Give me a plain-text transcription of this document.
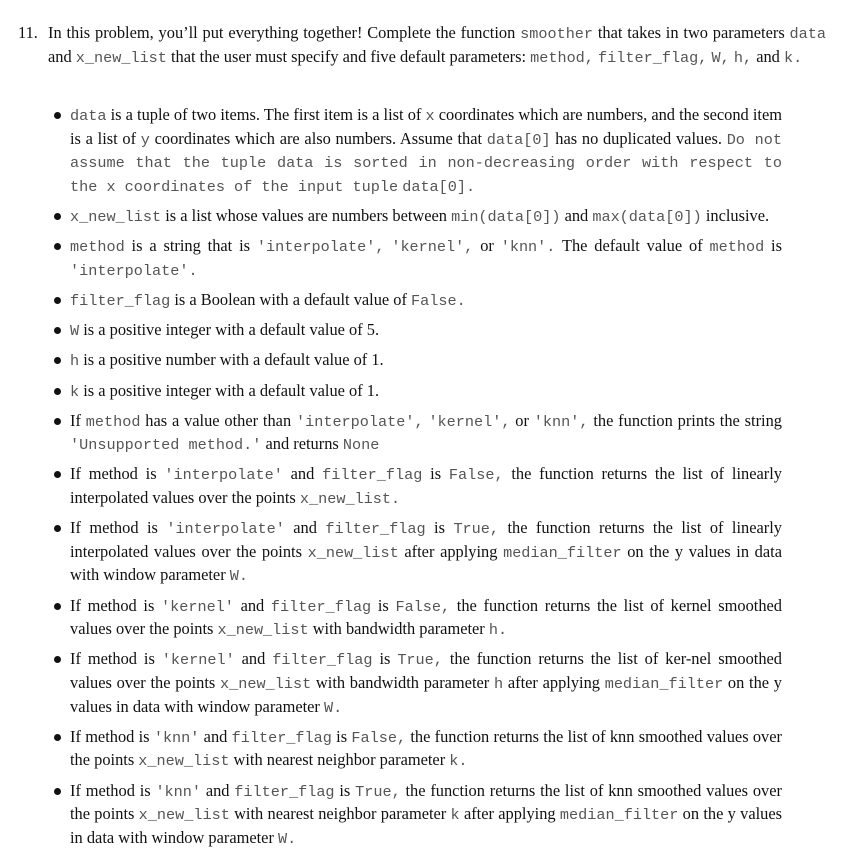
11. In this problem, you’ll put everything together! Complete the function smoother that takes in two parameters data and x_new_list that the user must specify and five default parameters: method, filter_flag, W, h, and k.
data is a tuple of two items. The first item is a list of x coordinates which are numbers, and the second item is a list of y coordinates which are also numbers. Assume that data[0] has no duplicated values. Do not assume that the tuple data is sorted in non-decreasing order with respect to the x coordinates of the input tuple data[0].
x_new_list is a list whose values are numbers between min(data[0]) and max(data[0]) inclusive.
method is a string that is 'interpolate', 'kernel', or 'knn'. The default value of method is 'interpolate'.
filter_flag is a Boolean with a default value of False.
W is a positive integer with a default value of 5.
h is a positive number with a default value of 1.
k is a positive integer with a default value of 1.
If method has a value other than 'interpolate', 'kernel', or 'knn', the function prints the string 'Unsupported method.' and returns None
If method is 'interpolate' and filter_flag is False, the function returns the list of linearly interpolated values over the points x_new_list.
If method is 'interpolate' and filter_flag is True, the function returns the list of linearly interpolated values over the points x_new_list after applying median_filter on the y values in data with window parameter W.
If method is 'kernel' and filter_flag is False, the function returns the list of kernel smoothed values over the points x_new_list with bandwidth parameter h.
If method is 'kernel' and filter_flag is True, the function returns the list of ker-nel smoothed values over the points x_new_list with bandwidth parameter h after applying median_filter on the y values in data with window parameter W.
If method is 'knn' and filter_flag is False, the function returns the list of knn smoothed values over the points x_new_list with nearest neighbor parameter k.
If method is 'knn' and filter_flag is True, the function returns the list of knn smoothed values over the points x_new_list with nearest neighbor parameter k after applying median_filter on the y values in data with window parameter W.
